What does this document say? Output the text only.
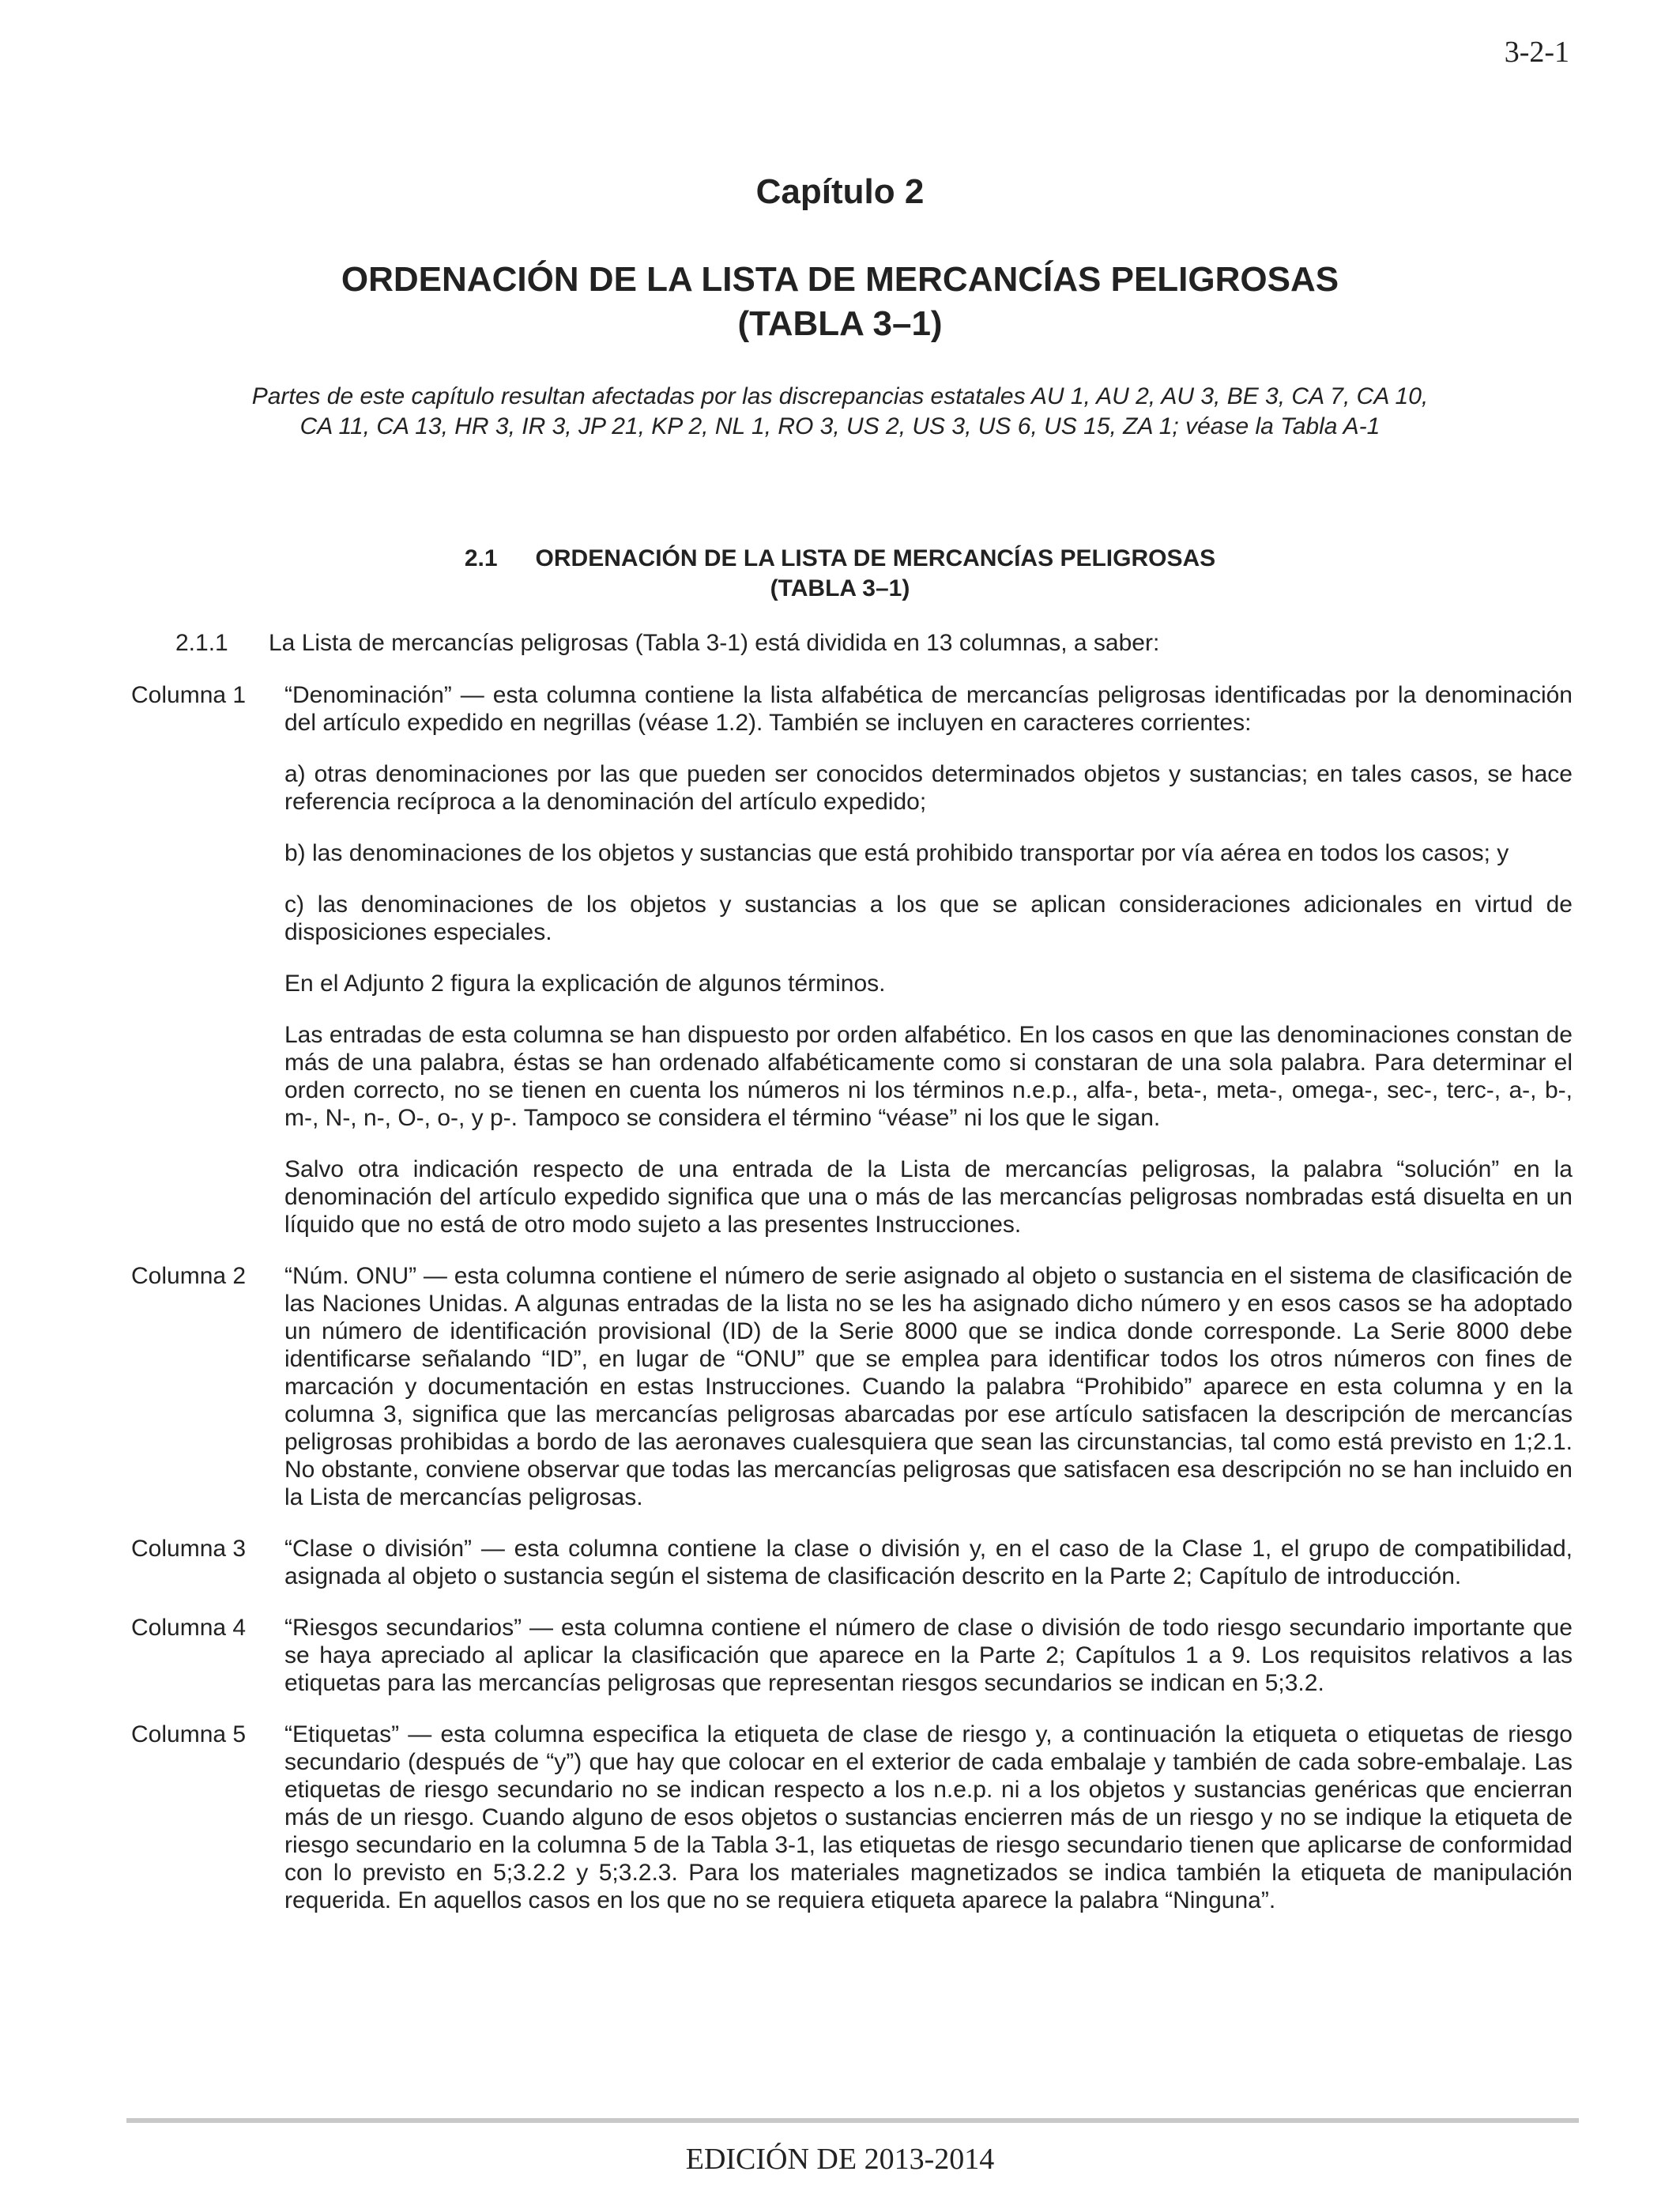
3-2-1
Capítulo 2
ORDENACIÓN DE LA LISTA DE MERCANCÍAS PELIGROSAS
(TABLA 3–1)
Partes de este capítulo resultan afectadas por las discrepancias estatales AU 1, AU 2, AU 3, BE 3, CA 7, CA 10,
CA 11, CA 13, HR 3, IR 3, JP 21, KP 2, NL 1, RO 3, US 2, US 3, US 6, US 15, ZA 1; véase la Tabla A-1
2.1 ORDENACIÓN DE LA LISTA DE MERCANCÍAS PELIGROSAS
(TABLA 3–1)
2.1.1 La Lista de mercancías peligrosas (Tabla 3-1) está dividida en 13 columnas, a saber:
Columna 1 “Denominación” — esta columna contiene la lista alfabética de mercancías peligrosas identificadas por la denominación del artículo expedido en negrillas (véase 1.2). También se incluyen en caracteres corrientes:

a) otras denominaciones por las que pueden ser conocidos determinados objetos y sustancias; en tales casos, se hace referencia recíproca a la denominación del artículo expedido;

b) las denominaciones de los objetos y sustancias que está prohibido transportar por vía aérea en todos los casos; y

c) las denominaciones de los objetos y sustancias a los que se aplican consideraciones adicionales en virtud de disposiciones especiales.

En el Adjunto 2 figura la explicación de algunos términos.

Las entradas de esta columna se han dispuesto por orden alfabético. En los casos en que las denominaciones constan de más de una palabra, éstas se han ordenado alfabéticamente como si constaran de una sola palabra. Para determinar el orden correcto, no se tienen en cuenta los números ni los términos n.e.p., alfa-, beta-, meta-, omega-, sec-, terc-, a-, b-, m-, N-, n-, O-, o-, y p-. Tampoco se considera el término “véase” ni los que le sigan.

Salvo otra indicación respecto de una entrada de la Lista de mercancías peligrosas, la palabra “solución” en la denominación del artículo expedido significa que una o más de las mercancías peligrosas nombradas está disuelta en un líquido que no está de otro modo sujeto a las presentes Instrucciones.

Columna 2 “Núm. ONU” — esta columna contiene el número de serie asignado al objeto o sustancia en el sistema de clasificación de las Naciones Unidas. A algunas entradas de la lista no se les ha asignado dicho número y en esos casos se ha adoptado un número de identificación provisional (ID) de la Serie 8000 que se indica donde corresponde. La Serie 8000 debe identificarse señalando “ID”, en lugar de “ONU” que se emplea para identificar todos los otros números con fines de marcación y documentación en estas Instrucciones. Cuando la palabra “Prohibido” aparece en esta columna y en la columna 3, significa que las mercancías peligrosas abarcadas por ese artículo satisfacen la descripción de mercancías peligrosas prohibidas a bordo de las aeronaves cualesquiera que sean las circunstancias, tal como está previsto en 1;2.1. No obstante, conviene observar que todas las mercancías peligrosas que satisfacen esa descripción no se han incluido en la Lista de mercancías peligrosas.

Columna 3 “Clase o división” — esta columna contiene la clase o división y, en el caso de la Clase 1, el grupo de compatibilidad, asignada al objeto o sustancia según el sistema de clasificación descrito en la Parte 2; Capítulo de introducción.

Columna 4 “Riesgos secundarios” — esta columna contiene el número de clase o división de todo riesgo secundario importante que se haya apreciado al aplicar la clasificación que aparece en la Parte 2; Capítulos 1 a 9. Los requisitos relativos a las etiquetas para las mercancías peligrosas que representan riesgos secundarios se indican en 5;3.2.

Columna 5 “Etiquetas” — esta columna especifica la etiqueta de clase de riesgo y, a continuación la etiqueta o etiquetas de riesgo secundario (después de “y”) que hay que colocar en el exterior de cada embalaje y también de cada sobre-embalaje. Las etiquetas de riesgo secundario no se indican respecto a los n.e.p. ni a los objetos y sustancias genéricas que encierran más de un riesgo. Cuando alguno de esos objetos o sustancias encierren más de un riesgo y no se indique la etiqueta de riesgo secundario en la columna 5 de la Tabla 3-1, las etiquetas de riesgo secundario tienen que aplicarse de conformidad con lo previsto en 5;3.2.2 y 5;3.2.3. Para los materiales magnetizados se indica también la etiqueta de manipulación requerida. En aquellos casos en los que no se requiera etiqueta aparece la palabra “Ninguna”.

EDICIÓN DE 2013-2014
